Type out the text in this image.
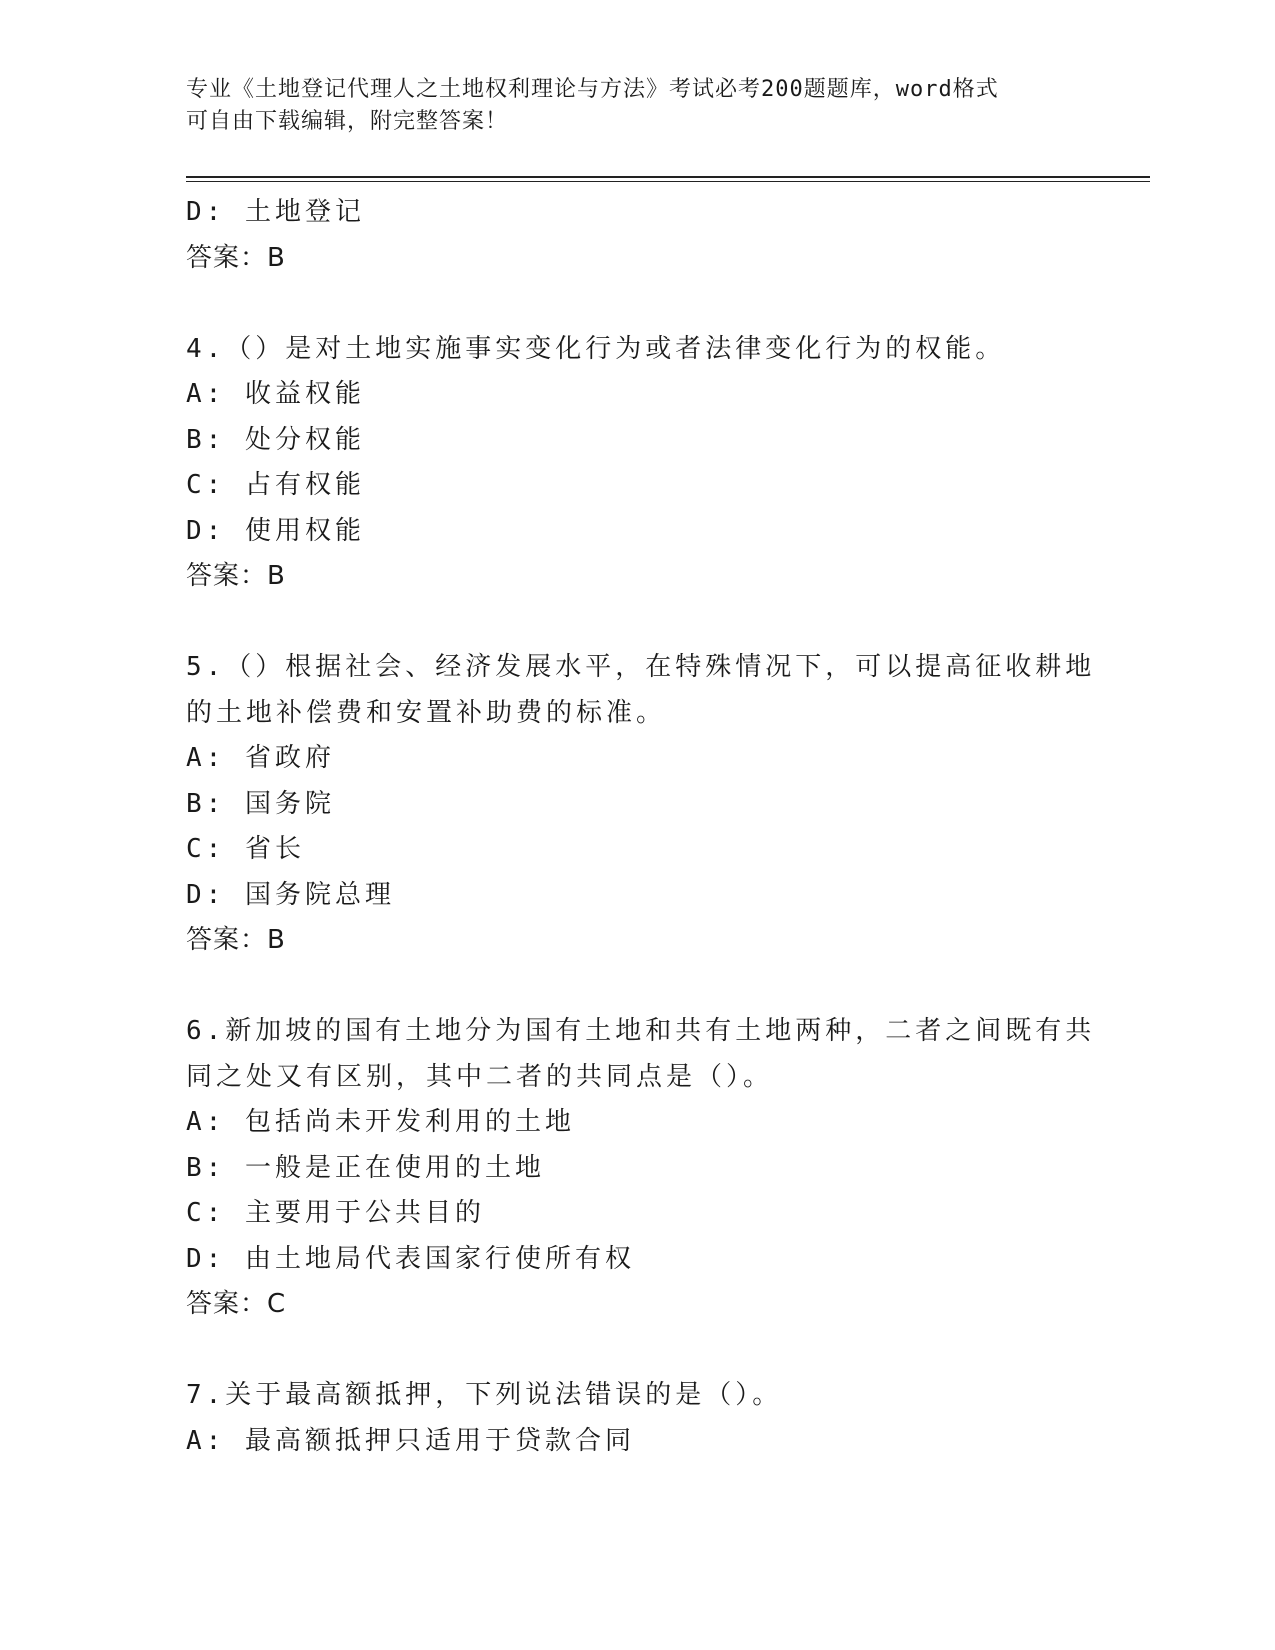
专业《土地登记代理人之土地权利理论与方法》考试必考200题题库，word格式
可自由下载编辑，附完整答案！
D: 土地登记
答案：B
4.（）是对土地实施事实变化行为或者法律变化行为的权能。
A: 收益权能
B: 处分权能
C: 占有权能
D: 使用权能
答案：B
5.（）根据社会、经济发展水平，在特殊情况下，可以提高征收耕地
的土地补偿费和安置补助费的标准。
A: 省政府
B: 国务院
C: 省长
D: 国务院总理
答案：B
6.新加坡的国有土地分为国有土地和共有土地两种，二者之间既有共
同之处又有区别，其中二者的共同点是（）。
A: 包括尚未开发利用的土地
B: 一般是正在使用的土地
C: 主要用于公共目的
D: 由土地局代表国家行使所有权
答案：C
7.关于最高额抵押，下列说法错误的是（）。
A: 最高额抵押只适用于贷款合同
